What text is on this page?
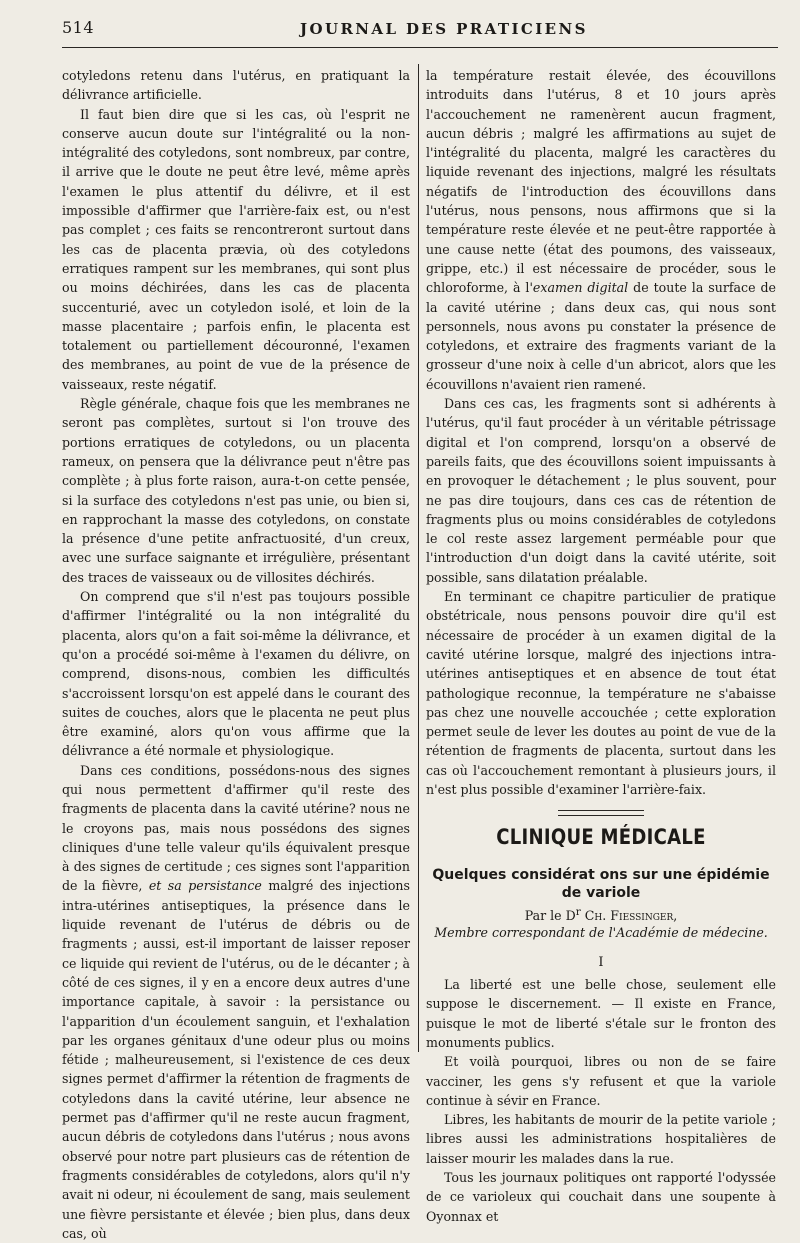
514	JOURNAL DES PRATICIENS

cotyledons retenu dans l'utérus, en pratiquant la délivrance artificielle.

Il faut bien dire que si les cas, où l'esprit ne conserve aucun doute sur l'intégralité ou la non-intégralité des cotyledons, sont nombreux, par contre, il arrive que le doute ne peut être levé, même après l'examen le plus attentif du délivre, et il est impossible d'affirmer que l'arrière-faix est, ou n'est pas complet ; ces faits se rencontreront surtout dans les cas de placenta prævia, où des cotyledons erratiques rampent sur les membranes, qui sont plus ou moins déchirées, dans les cas de placenta succenturié, avec un cotyledon isolé, et loin de la masse placentaire ; parfois enfin, le placenta est totalement ou partiellement découronné, l'examen des membranes, au point de vue de la présence de vaisseaux, reste négatif.

Règle générale, chaque fois que les membranes ne seront pas complètes, surtout si l'on trouve des portions erratiques de cotyledons, ou un placenta rameux, on pensera que la délivrance peut n'être pas complète ; à plus forte raison, aura-t-on cette pensée, si la surface des cotyledons n'est pas unie, ou bien si, en rapprochant la masse des cotyledons, on constate la présence d'une petite anfractuosité, d'un creux, avec une surface saignante et irrégulière, présentant des traces de vaisseaux ou de villosites déchirés.

On comprend que s'il n'est pas toujours possible d'affirmer l'intégralité ou la non intégralité du placenta, alors qu'on a fait soi-même la délivrance, et qu'on a procédé soi-même à l'examen du délivre, on comprend, disons-nous, combien les difficultés s'accroissent lorsqu'on est appelé dans le courant des suites de couches, alors que le placenta ne peut plus être examiné, alors qu'on vous affirme que la délivrance a été normale et physiologique.

Dans ces conditions, possédons-nous des signes qui nous permettent d'affirmer qu'il reste des fragments de placenta dans la cavité utérine? nous ne le croyons pas, mais nous possédons des signes cliniques d'une telle valeur qu'ils équivalent presque à des signes de certitude ; ces signes sont l'apparition de la fièvre, et sa persistance malgré des injections intra-utérines antiseptiques, la présence dans le liquide revenant de l'utérus de débris ou de fragments ; aussi, est-il important de laisser reposer ce liquide qui revient de l'utérus, ou de le décanter ; à côté de ces signes, il y en a encore deux autres d'une importance capitale, à savoir : la persistance ou l'apparition d'un écoulement sanguin, et l'exhalation par les organes génitaux d'une odeur plus ou moins fétide ; malheureusement, si l'existence de ces deux signes permet d'affirmer la rétention de fragments de cotyledons dans la cavité utérine, leur absence ne permet pas d'affirmer qu'il ne reste aucun fragment, aucun débris de cotyledons dans l'utérus ; nous avons observé pour notre part plusieurs cas de rétention de fragments considérables de cotyledons, alors qu'il n'y avait ni odeur, ni écoulement de sang, mais seulement une fièvre persistante et élevée ; bien plus, dans deux cas, où

la température restait élevée, des écouvillons introduits dans l'utérus, 8 et 10 jours après l'accouchement ne ramenèrent aucun fragment, aucun débris ; malgré les affirmations au sujet de l'intégralité du placenta, malgré les caractères du liquide revenant des injections, malgré les résultats négatifs de l'introduction des écouvillons dans l'utérus, nous pensons, nous affirmons que si la température reste élevée et ne peut-être rapportée à une cause nette (état des poumons, des vaisseaux, grippe, etc.) il est nécessaire de procéder, sous le chloroforme, à l'examen digital de toute la surface de la cavité utérine ; dans deux cas, qui nous sont personnels, nous avons pu constater la présence de cotyledons, et extraire des fragments variant de la grosseur d'une noix à celle d'un abricot, alors que les écouvillons n'avaient rien ramené.

Dans ces cas, les fragments sont si adhérents à l'utérus, qu'il faut procéder à un véritable pétrissage digital et l'on comprend, lorsqu'on a observé de pareils faits, que des écouvillons soient impuissants à en provoquer le détachement ; le plus souvent, pour ne pas dire toujours, dans ces cas de rétention de fragments plus ou moins considérables de cotyledons le col reste assez largement perméable pour que l'introduction d'un doigt dans la cavité utérite, soit possible, sans dilatation préalable.

En terminant ce chapitre particulier de pratique obstétricale, nous pensons pouvoir dire qu'il est nécessaire de procéder à un examen digital de la cavité utérine lorsque, malgré des injections intra-utérines antiseptiques et en absence de tout état pathologique reconnue, la température ne s'abaisse pas chez une nouvelle accouchée ; cette exploration permet seule de lever les doutes au point de vue de la rétention de fragments de placenta, surtout dans les cas où l'accouchement remontant à plusieurs jours, il n'est plus possible d'examiner l'arrière-faix.

CLINIQUE MÉDICALE
Quelques considérat ons sur une épidémie de variole
Par le $D^r$ Ch. Fiessinger,
Membre correspondant de l'Académie de médecine.
I

La liberté est une belle chose, seulement elle suppose le discernement. — Il existe en France, puisque le mot de liberté s'étale sur le fronton des monuments publics.

Et voilà pourquoi, libres ou non de se faire vacciner, les gens s'y refusent et que la variole continue à sévir en France.

Libres, les habitants de mourir de la petite variole ; libres aussi les administrations hospitalières de laisser mourir les malades dans la rue.

Tous les journaux politiques ont rapporté l'odyssée de ce varioleux qui couchait dans une soupente à Oyonnax et
